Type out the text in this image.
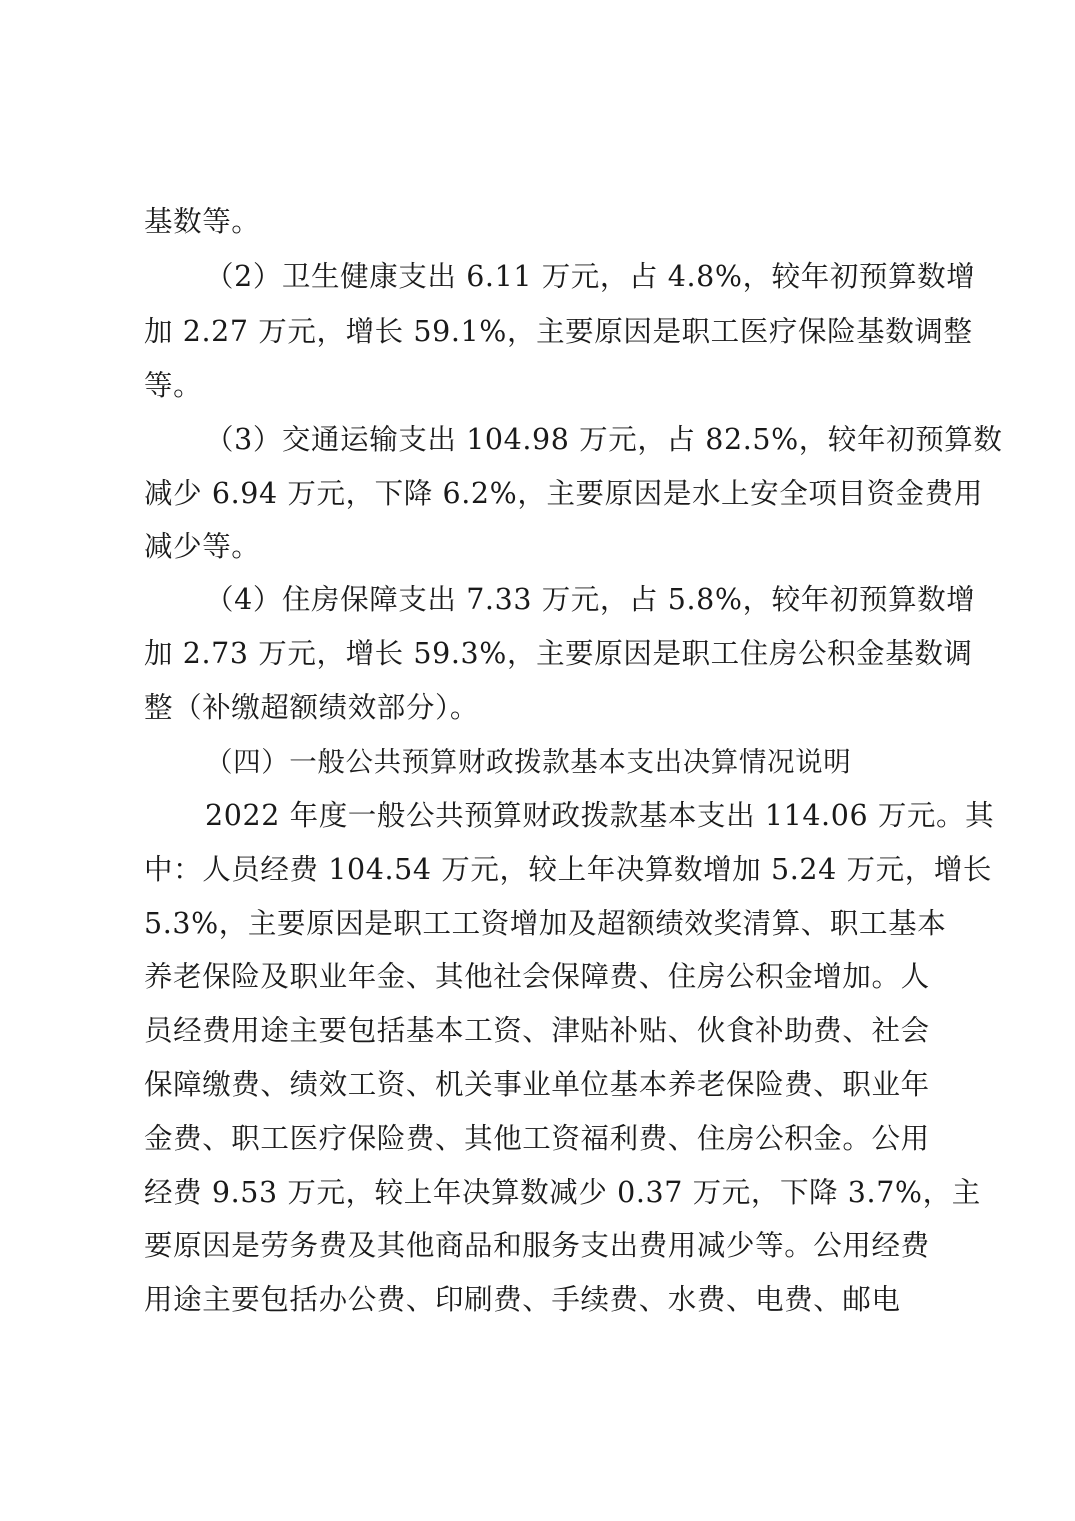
基数等。
（2）卫生健康支出 6.11 万元，占 4.8%，较年初预算数增
加 2.27 万元，增长 59.1%，主要原因是职工医疗保险基数调整
等。
（3）交通运输支出 104.98 万元，占 82.5%，较年初预算数
减少 6.94 万元，下降 6.2%，主要原因是水上安全项目资金费用
减少等。
（4）住房保障支出 7.33 万元，占 5.8%，较年初预算数增
加 2.73 万元，增长 59.3%，主要原因是职工住房公积金基数调
整（补缴超额绩效部分）。
（四）一般公共预算财政拨款基本支出决算情况说明
2022 年度一般公共预算财政拨款基本支出 114.06 万元。其
中：人员经费 104.54 万元，较上年决算数增加 5.24 万元，增长
5.3%，主要原因是职工工资增加及超额绩效奖清算、职工基本
养老保险及职业年金、其他社会保障费、住房公积金增加。人
员经费用途主要包括基本工资、津贴补贴、伙食补助费、社会
保障缴费、绩效工资、机关事业单位基本养老保险费、职业年
金费、职工医疗保险费、其他工资福利费、住房公积金。公用
经费 9.53 万元，较上年决算数减少 0.37 万元，下降 3.7%，主
要原因是劳务费及其他商品和服务支出费用减少等。公用经费
用途主要包括办公费、印刷费、手续费、水费、电费、邮电
